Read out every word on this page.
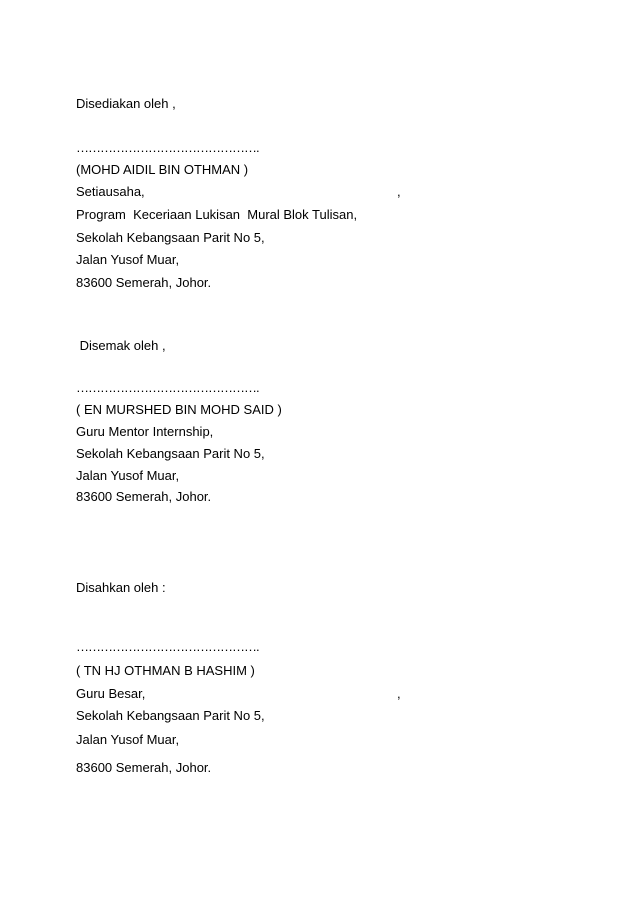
Disediakan oleh ,
……………………………………….
(MOHD AIDIL BIN OTHMAN )
Setiausaha,	,
Program  Keceriaan Lukisan  Mural Blok Tulisan,
Sekolah Kebangsaan Parit No 5,
Jalan Yusof Muar,
83600 Semerah, Johor.
Disemak oleh ,
……………………………………….
( EN MURSHED BIN MOHD SAID )
Guru Mentor Internship,
Sekolah Kebangsaan Parit No 5,
Jalan Yusof Muar,
83600 Semerah, Johor.
Disahkan oleh :
……………………………………….
( TN HJ OTHMAN B HASHIM )
Guru Besar,	,
Sekolah Kebangsaan Parit No 5,
Jalan Yusof Muar,
83600 Semerah, Johor.
